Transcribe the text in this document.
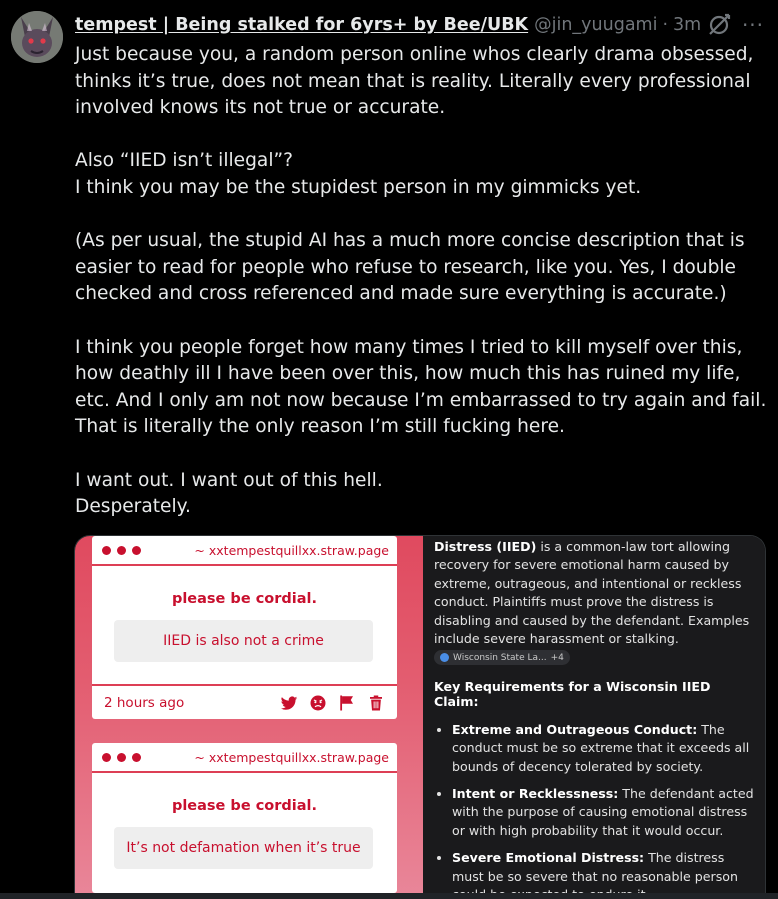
tempest | Being stalked for 6yrs+ by Bee/UBK @jin_yuugami · 3m ···

Just because you, a random person online whos clearly drama obsessed, thinks it’s true, does not mean that is reality. Literally every professional involved knows its not true or accurate.

Also “IIED isn’t illegal”?

I think you may be the stupidest person in my gimmicks yet.

(As per usual, the stupid AI has a much more concise description that is easier to read for people who refuse to research, like you. Yes, I double checked and cross referenced and made sure everything is accurate.)

I think you people forget how many times I tried to kill myself over this, how deathly ill I have been over this, how much this has ruined my life, etc. And I only am not now because I’m embarrassed to try again and fail. That is literally the only reason I’m still fucking here.

I want out. I want out of this hell.

Desperately.

~ xxtempestquillxx.straw.page
please be cordial.
IIED is also not a crime
2 hours ago
~ xxtempestquillxx.straw.page
please be cordial.
It’s not defamation when it’s true

Distress (IIED) is a common-law tort allowing recovery for severe emotional harm caused by extreme, outrageous, and intentional or reckless conduct. Plaintiffs must prove the distress is disabling and caused by the defendant. Examples include severe harassment or stalking.
Wisconsin State La... +4

Key Requirements for a Wisconsin IIED Claim:
Extreme and Outrageous Conduct: The conduct must be so extreme that it exceeds all bounds of decency tolerated by society.
Intent or Recklessness: The defendant acted with the purpose of causing emotional distress or with high probability that it would occur.
Severe Emotional Distress: The distress must be so severe that no reasonable person
